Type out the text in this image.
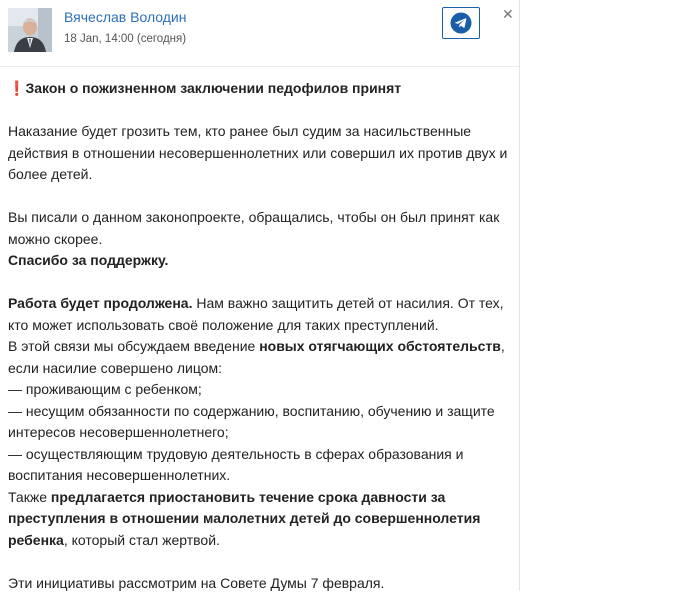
Вячеслав Володин
18 Jan, 14:00 (сегодня)
✕

❗Закон о пожизненном заключении педофилов принят

Наказание будет грозить тем, кто ранее был судим за насильственные действия в отношении несовершеннолетних или совершил их против двух и более детей.

Вы писали о данном законопроекте, обращались, чтобы он был принят как можно скорее.

Спасибо за поддержку.

Работа будет продолжена. Нам важно защитить детей от насилия. От тех, кто может использовать своё положение для таких преступлений.

В этой связи мы обсуждаем введение новых отягчающих обстоятельств, если насилие совершено лицом:

— проживающим с ребенком;

— несущим обязанности по содержанию, воспитанию, обучению и защите интересов несовершеннолетнего;

— осуществляющим трудовую деятельность в сферах образования и воспитания несовершеннолетних.

Также предлагается приостановить течение срока давности за преступления в отношении малолетних детей до совершеннолетия ребенка, который стал жертвой.

Эти инициативы рассмотрим на Совете Думы 7 февраля.
